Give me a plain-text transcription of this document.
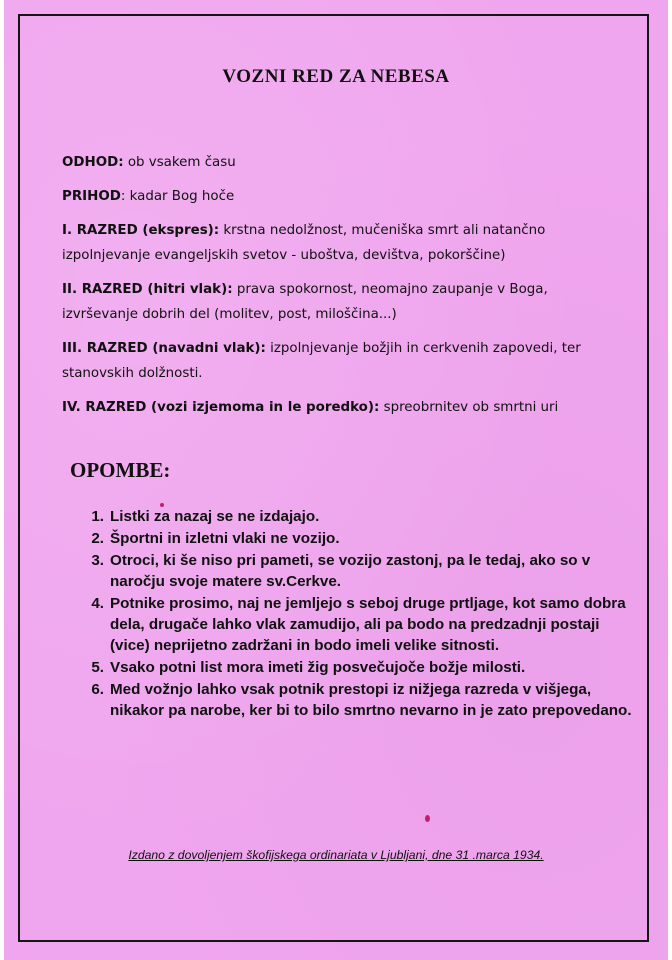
VOZNI RED ZA NEBESA

ODHOD: ob vsakem času

PRIHOD: kadar Bog hoče

I. RAZRED (ekspres): krstna nedolžnost, mučeniška smrt ali natančno izpolnjevanje evangeljskih svetov - uboštva, devištva, pokorščine)

II. RAZRED (hitri vlak): prava spokornost, neomajno zaupanje v Boga, izvrševanje dobrih del (molitev, post, miloščina...)

III. RAZRED (navadni vlak): izpolnjevanje božjih in cerkvenih zapovedi, ter stanovskih dolžnosti.

IV. RAZRED (vozi izjemoma in le poredko): spreobrnitev ob smrtni uri

OPOMBE:
1. Listki za nazaj se ne izdajajo.
2. Športni in izletni vlaki ne vozijo.
3. Otroci, ki še niso pri pameti, se vozijo zastonj, pa le tedaj, ako so v naročju svoje matere sv.Cerkve.
4. Potnike prosimo, naj ne jemljejo s seboj druge prtljage, kot samo dobra dela, drugače lahko vlak zamudijo, ali pa bodo na predzadnji postaji (vice) neprijetno zadržani in bodo imeli velike sitnosti.
5. Vsako potni list mora imeti žig posvečujoče božje milosti.
6. Med vožnjo lahko vsak potnik prestopi iz nižjega razreda v višjega, nikakor pa narobe, ker bi to bilo smrtno nevarno in je zato prepovedano.
Izdano z dovoljenjem škofijskega ordinariata v Ljubljani, dne 31 .marca 1934.
